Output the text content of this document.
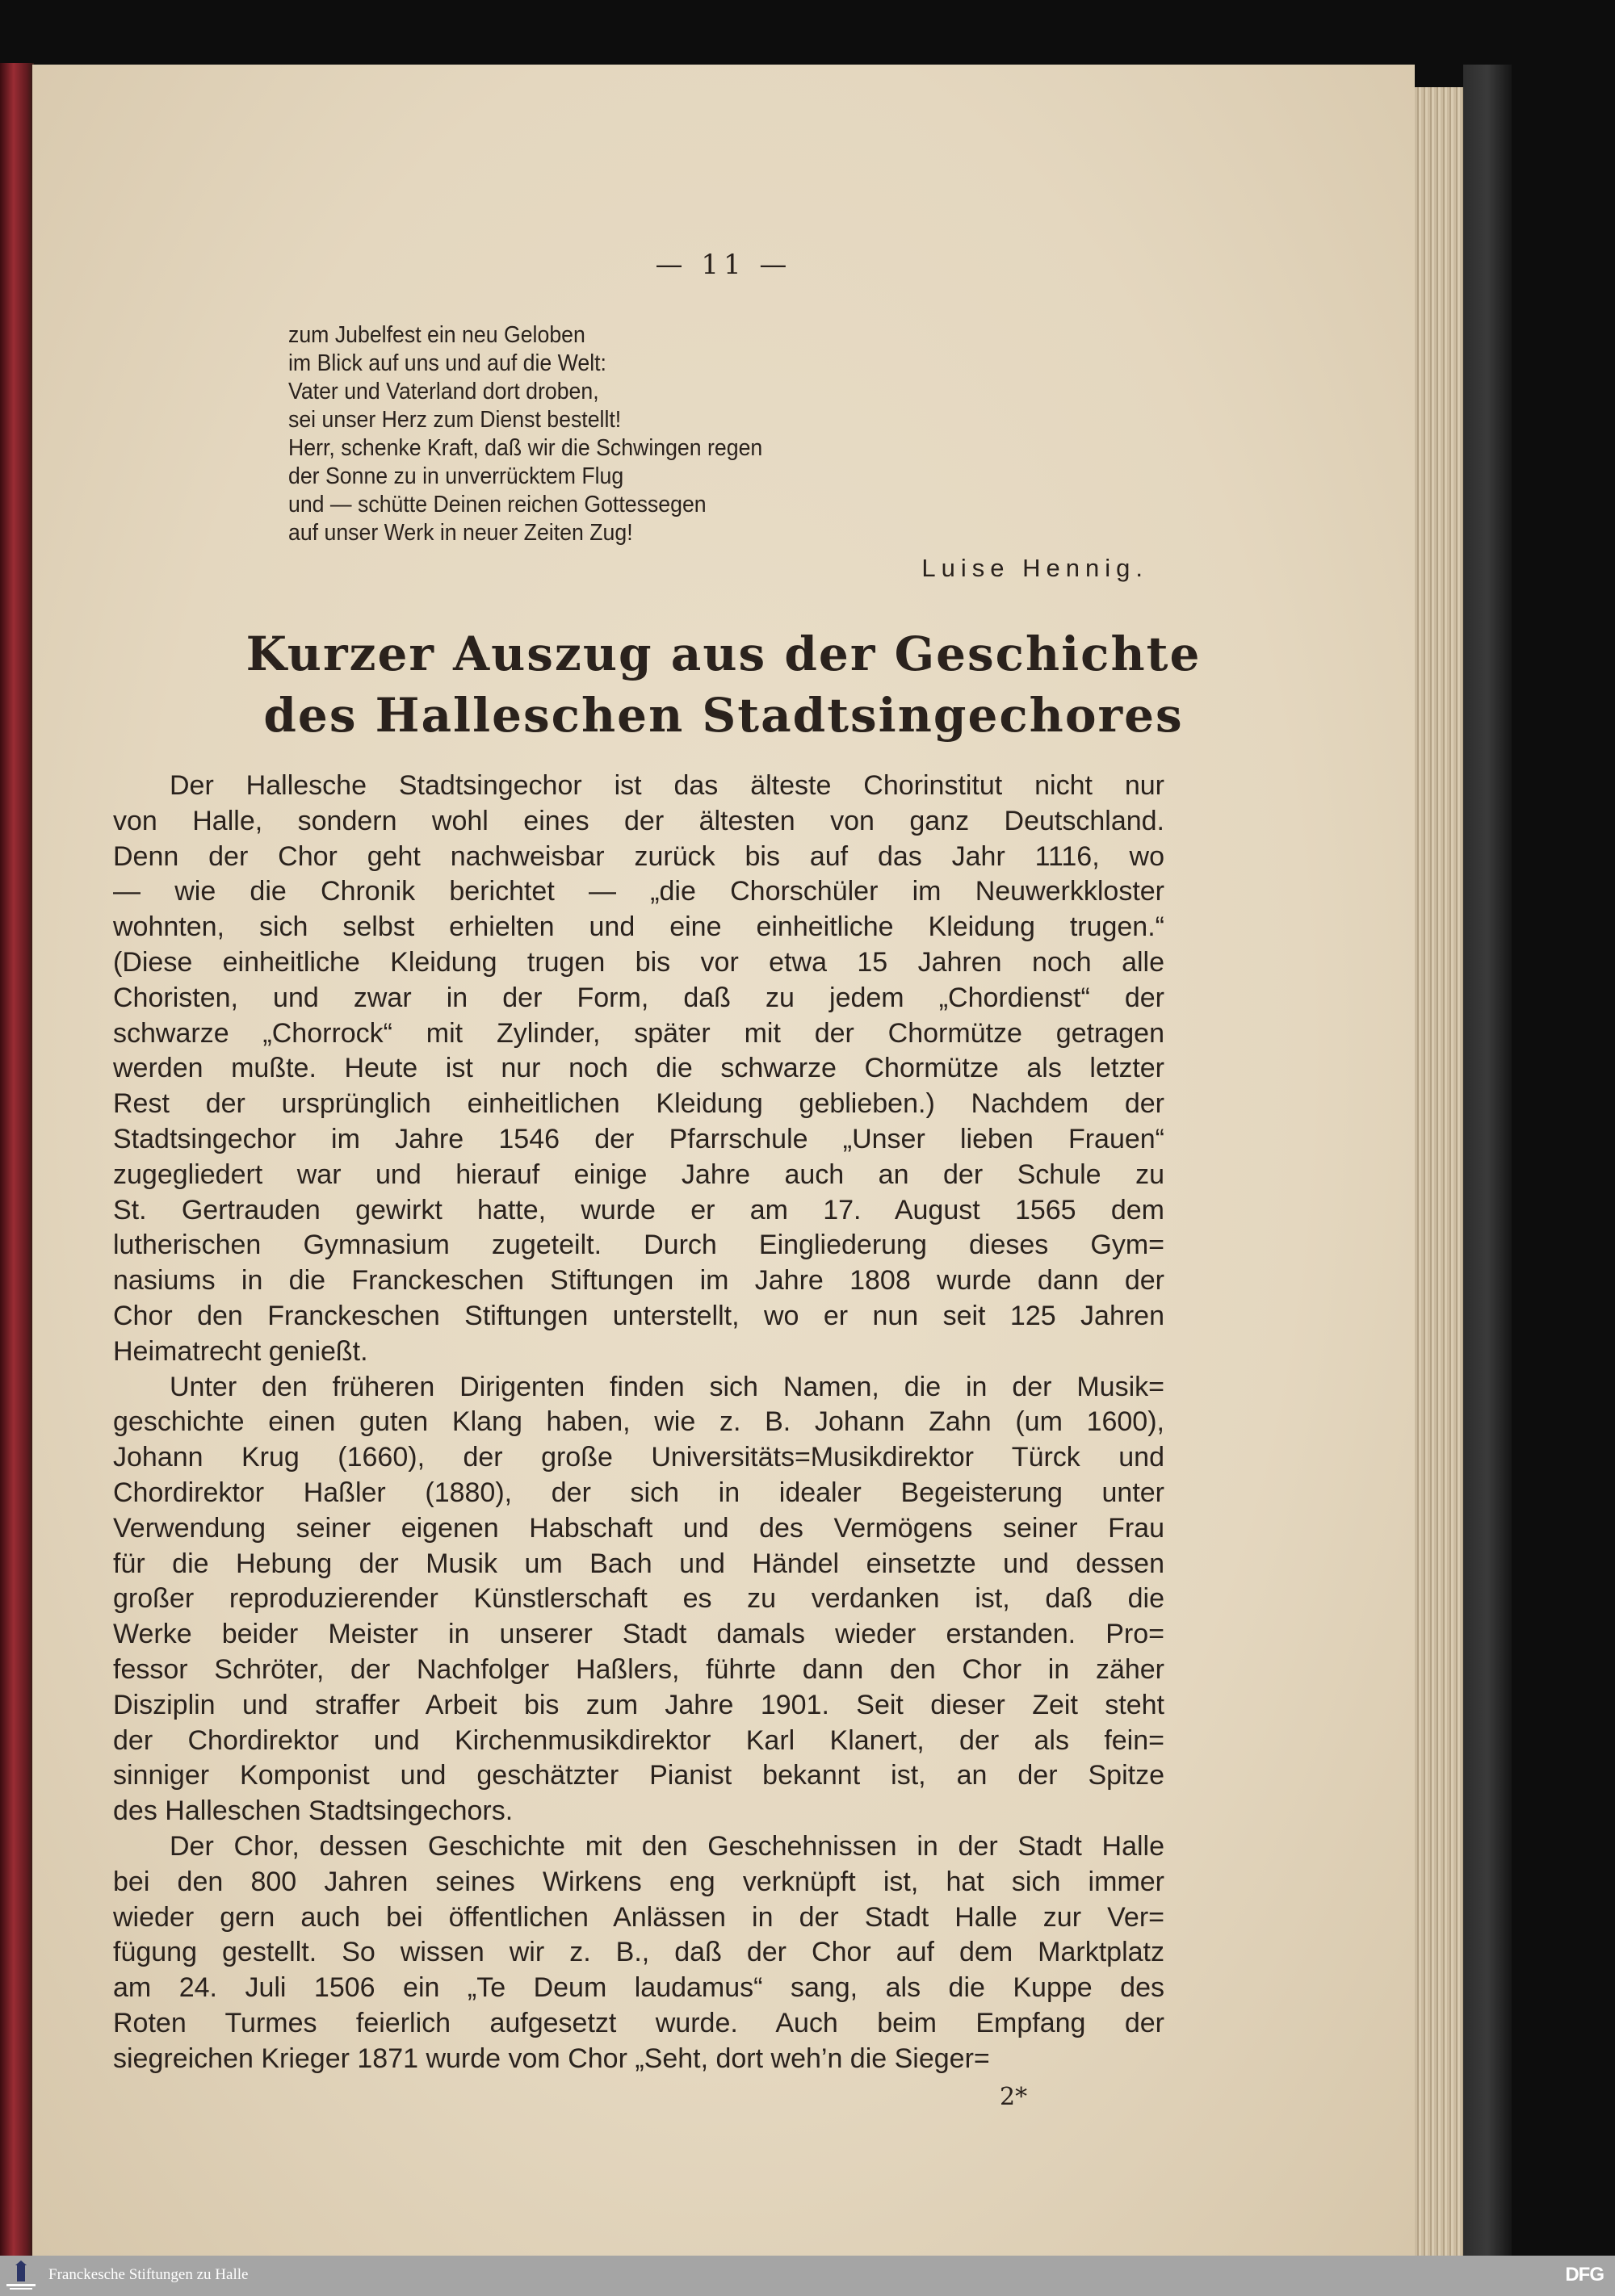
— 11 —
zum Jubelfest ein neu Geloben
im Blick auf uns und auf die Welt:
Vater und Vaterland dort droben,
sei unser Herz zum Dienst bestellt!
Herr, schenke Kraft, daß wir die Schwingen regen
der Sonne zu in unverrücktem Flug
und — schütte Deinen reichen Gottessegen
auf unser Werk in neuer Zeiten Zug!
Luise Hennig.
Kurzer Auszug aus der Geschichte
des Halleschen Stadtsingechores
Der Hallesche Stadtsingechor ist das älteste Chorinstitut nicht nur
von Halle, sondern wohl eines der ältesten von ganz Deutschland.
Denn der Chor geht nachweisbar zurück bis auf das Jahr 1116, wo
— wie die Chronik berichtet — „die Chorschüler im Neuwerkkloster
wohnten, sich selbst erhielten und eine einheitliche Kleidung trugen.“
(Diese einheitliche Kleidung trugen bis vor etwa 15 Jahren noch alle
Choristen, und zwar in der Form, daß zu jedem „Chordienst“ der
schwarze „Chorrock“ mit Zylinder, später mit der Chormütze getragen
werden mußte. Heute ist nur noch die schwarze Chormütze als letzter
Rest der ursprünglich einheitlichen Kleidung geblieben.) Nachdem der
Stadtsingechor im Jahre 1546 der Pfarrschule „Unser lieben Frauen“
zugegliedert war und hierauf einige Jahre auch an der Schule zu
St. Gertrauden gewirkt hatte, wurde er am 17. August 1565 dem
lutherischen Gymnasium zugeteilt. Durch Eingliederung dieses Gym=
nasiums in die Franckeschen Stiftungen im Jahre 1808 wurde dann der
Chor den Franckeschen Stiftungen unterstellt, wo er nun seit 125 Jahren
Heimatrecht genießt.
Unter den früheren Dirigenten finden sich Namen, die in der Musik=
geschichte einen guten Klang haben, wie z. B. Johann Zahn (um 1600),
Johann Krug (1660), der große Universitäts=Musikdirektor Türck und
Chordirektor Haßler (1880), der sich in idealer Begeisterung unter
Verwendung seiner eigenen Habschaft und des Vermögens seiner Frau
für die Hebung der Musik um Bach und Händel einsetzte und dessen
großer reproduzierender Künstlerschaft es zu verdanken ist, daß die
Werke beider Meister in unserer Stadt damals wieder erstanden. Pro=
fessor Schröter, der Nachfolger Haßlers, führte dann den Chor in zäher
Disziplin und straffer Arbeit bis zum Jahre 1901. Seit dieser Zeit steht
der Chordirektor und Kirchenmusikdirektor Karl Klanert, der als fein=
sinniger Komponist und geschätzter Pianist bekannt ist, an der Spitze
des Halleschen Stadtsingechors.
Der Chor, dessen Geschichte mit den Geschehnissen in der Stadt Halle
bei den 800 Jahren seines Wirkens eng verknüpft ist, hat sich immer
wieder gern auch bei öffentlichen Anlässen in der Stadt Halle zur Ver=
fügung gestellt. So wissen wir z. B., daß der Chor auf dem Marktplatz
am 24. Juli 1506 ein „Te Deum laudamus“ sang, als die Kuppe des
Roten Turmes feierlich aufgesetzt wurde. Auch beim Empfang der
siegreichen Krieger 1871 wurde vom Chor „Seht, dort weh’n die Sieger=
2*
Franckesche Stiftungen zu Halle	DFG
